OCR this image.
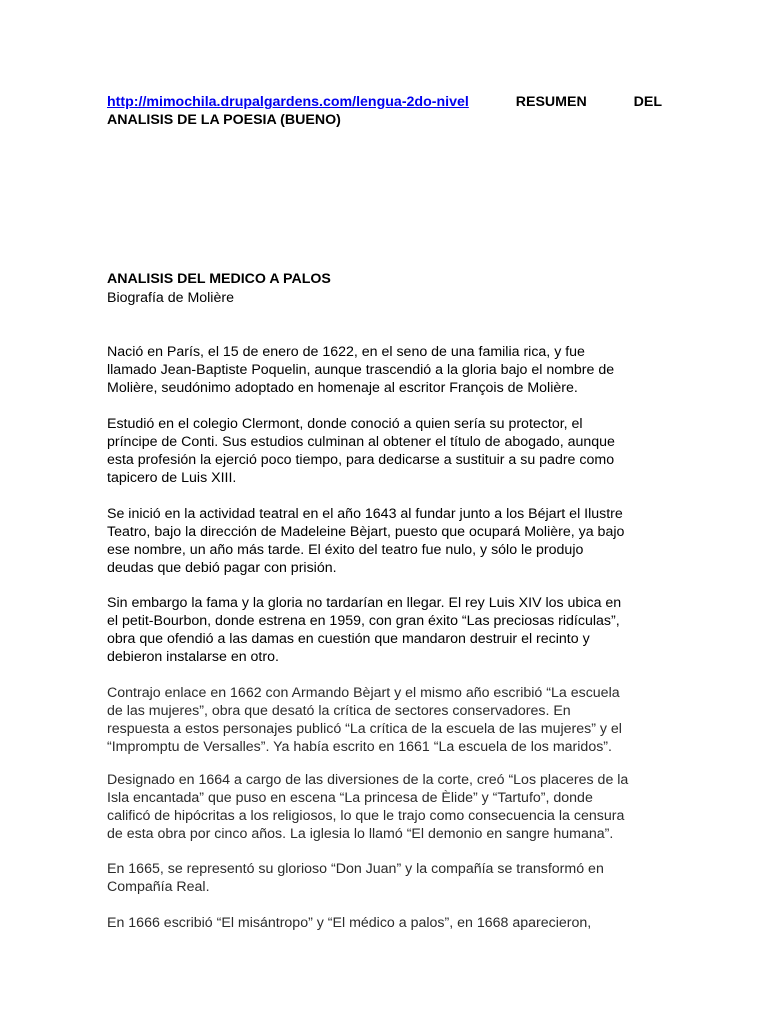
http://mimochila.drupalgardens.com/lengua-2do-nivel	RESUMEN	DEL
ANALISIS DE LA POESIA (BUENO)
ANALISIS DEL MEDICO A PALOS
Biografía de Molière

Nació en París, el 15 de enero de 1622, en el seno de una familia rica, y fue
llamado Jean-Baptiste Poquelin, aunque trascendió a la gloria bajo el nombre de
Molière, seudónimo adoptado en homenaje al escritor François de Molière.

Estudió en el colegio Clermont, donde conoció a quien sería su protector, el
príncipe de Conti. Sus estudios culminan al obtener el título de abogado, aunque
esta profesión la ejerció poco tiempo, para dedicarse a sustituir a su padre como
tapicero de Luis XIII.

Se inició en la actividad teatral en el año 1643 al fundar junto a los Béjart el Ilustre
Teatro, bajo la dirección de Madeleine Bèjart, puesto que ocupará Molière, ya bajo
ese nombre, un año más tarde. El éxito del teatro fue nulo, y sólo le produjo
deudas que debió pagar con prisión.

Sin embargo la fama y la gloria no tardarían en llegar. El rey Luis XIV los ubica en
el petit-Bourbon, donde estrena en 1959, con gran éxito “Las preciosas ridículas”,
obra que ofendió a las damas en cuestión que mandaron destruir el recinto y
debieron instalarse en otro.

Contrajo enlace en 1662 con Armando Bèjart y el mismo año escribió “La escuela
de las mujeres”, obra que desató la crítica de sectores conservadores. En
respuesta a estos personajes publicó “La crítica de la escuela de las mujeres” y el
“Impromptu de Versalles”. Ya había escrito en 1661 “La escuela de los maridos”.

Designado en 1664 a cargo de las diversiones de la corte, creó “Los placeres de la
Isla encantada” que puso en escena “La princesa de Èlide” y “Tartufo”, donde
calificó de hipócritas a los religiosos, lo que le trajo como consecuencia la censura
de esta obra por cinco años. La iglesia lo llamó “El demonio en sangre humana”.

En 1665, se representó su glorioso “Don Juan” y la compañía se transformó en
Compañía Real.

En 1666 escribió “El misántropo” y “El médico a palos”, en 1668 aparecieron,
